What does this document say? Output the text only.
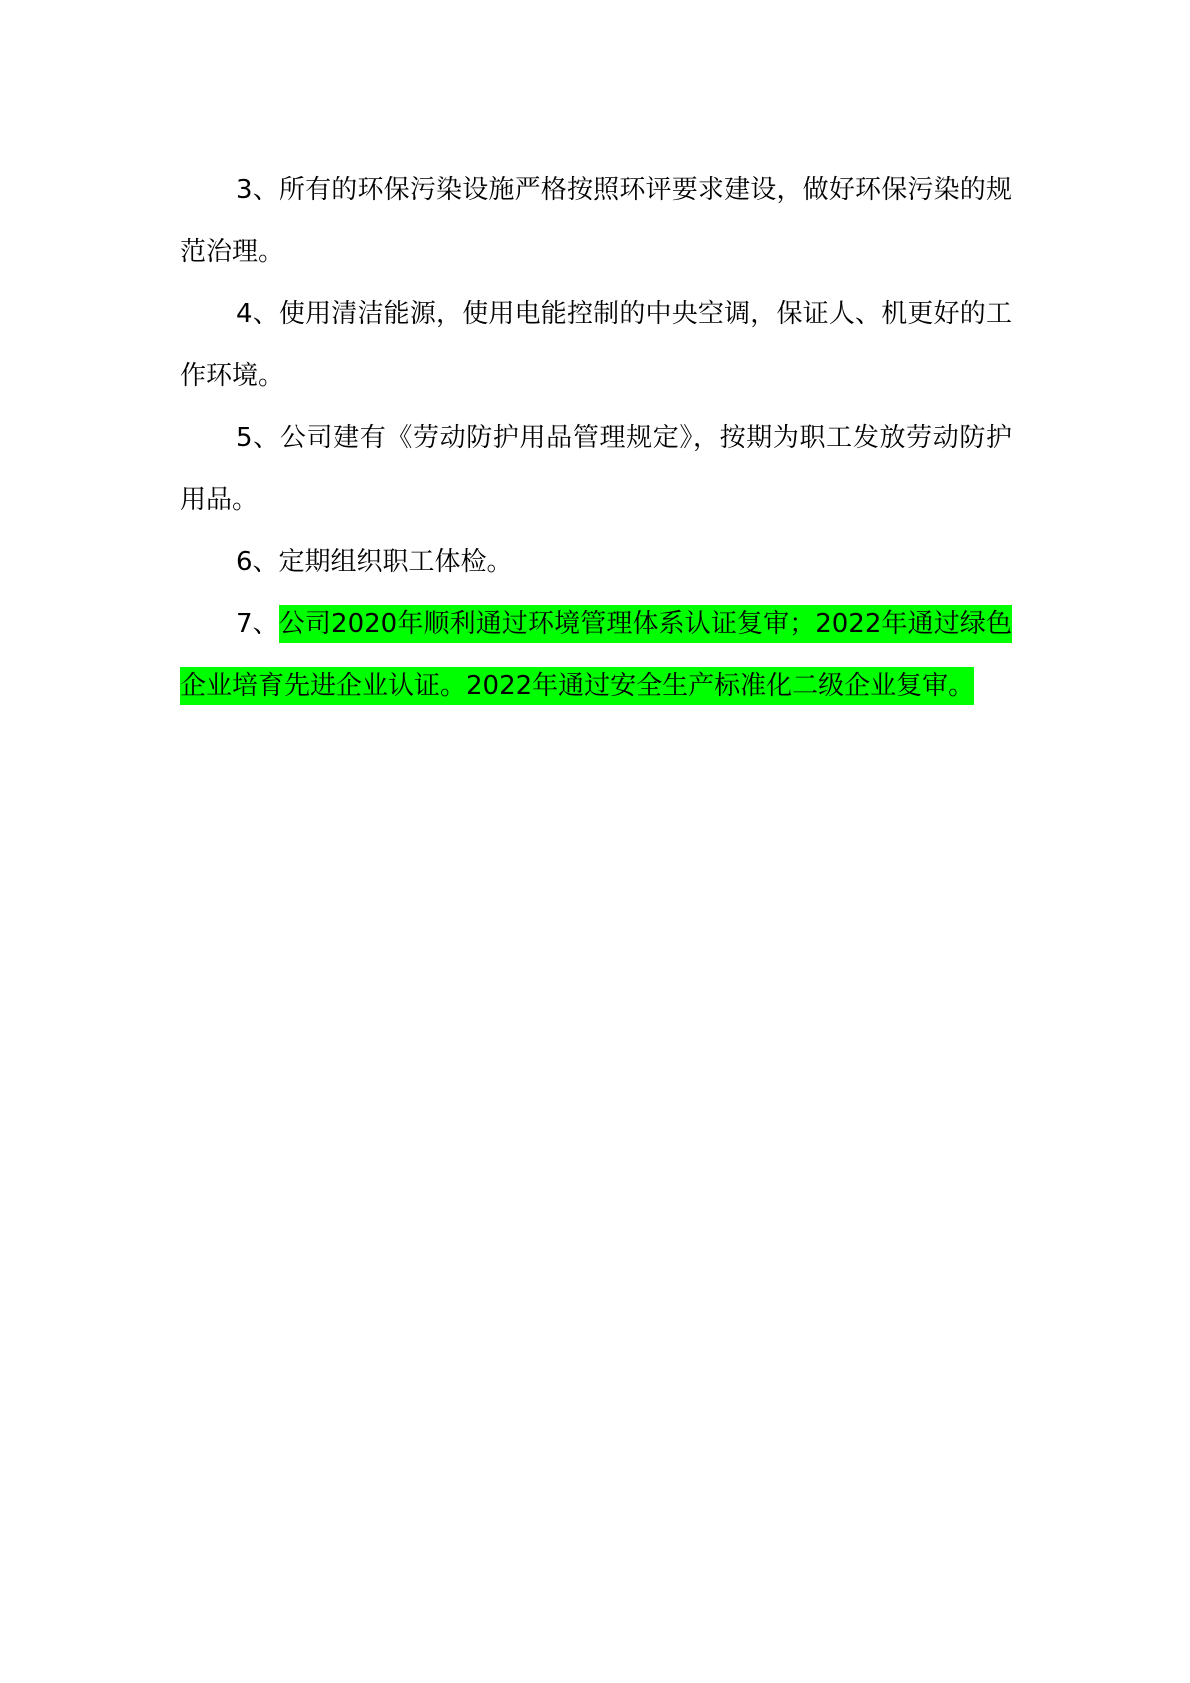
3、所有的环保污染设施严格按照环评要求建设，做好环保污染的规范治理。

4、使用清洁能源，使用电能控制的中央空调，保证人、机更好的工作环境。

5、公司建有《劳动防护用品管理规定》，按期为职工发放劳动防护用品。

6、定期组织职工体检。

7、公司2020年顺利通过环境管理体系认证复审；2022年通过绿色企业培育先进企业认证。2022年通过安全生产标准化二级企业复审。
